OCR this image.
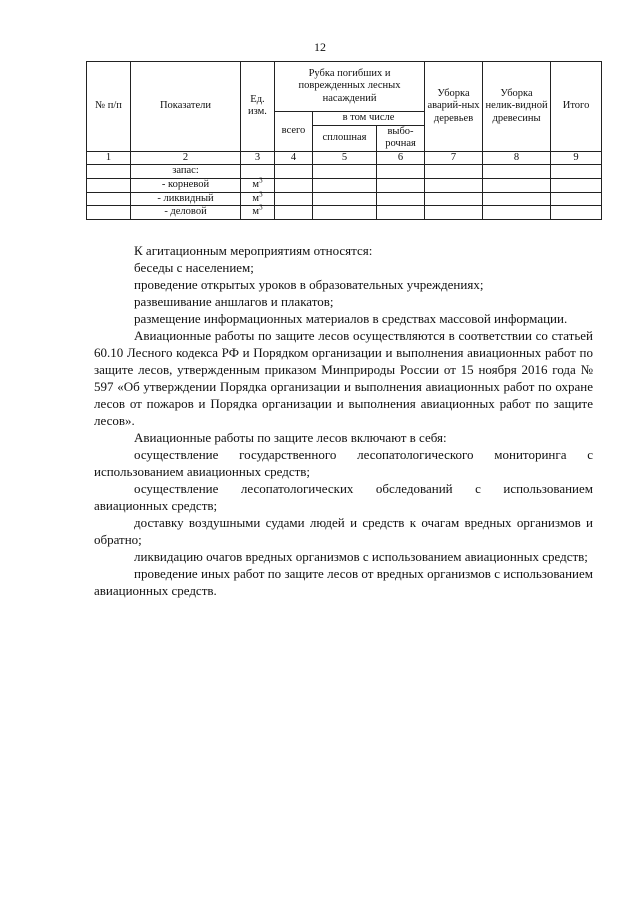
12
№ п/п	Показатели	Ед. изм.	Рубка погибших и поврежденных лесных насаждений			Уборка аварий-ных деревьев	Уборка нелик-видной древесины	Итого
			всего	в том числе				
				сплошная	выбо-рочная			
1	2	3	4	5	6	7	8	9
	запас:							
	- корневой	$м^3$						
	- ликвидный	$м^3$						
	- деловой	$м^3$						

К агитационным мероприятиям относятся:

беседы с населением;

проведение открытых уроков в образовательных учреждениях;

развешивание аншлагов и плакатов;

размещение информационных материалов в средствах массовой информации.

Авиационные работы по защите лесов осуществляются в соответствии со статьей 60.10 Лесного кодекса РФ и Порядком организации и выполнения авиационных работ по защите лесов, утвержденным приказом Минприроды России от 15 ноября 2016 года № 597 «Об утверждении Порядка организации и выполнения авиационных работ по охране лесов от пожаров и Порядка организации и выполнения авиационных работ по защите лесов».

Авиационные работы по защите лесов включают в себя:

осуществление государственного лесопатологического мониторинга с использованием авиационных средств;

осуществление лесопатологических обследований с использованием авиационных средств;

доставку воздушными судами людей и средств к очагам вредных организмов и обратно;

ликвидацию очагов вредных организмов с использованием авиационных средств;

проведение иных работ по защите лесов от вредных организмов с использованием авиационных средств.
